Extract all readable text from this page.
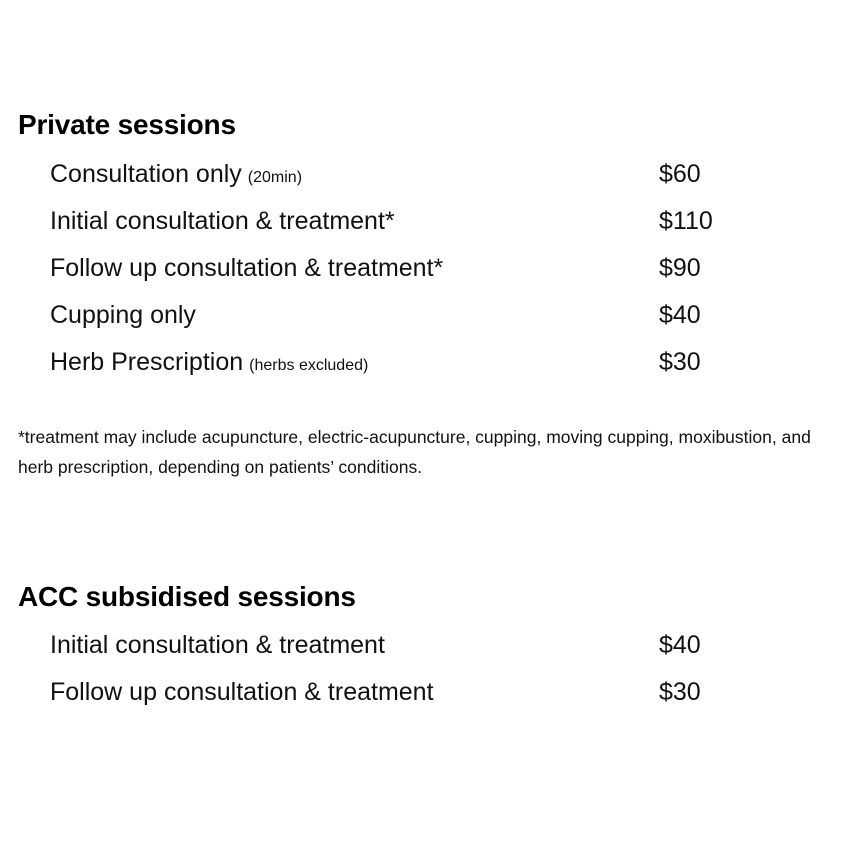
Private sessions
Consultation only (20min)	$60
Initial consultation & treatment*	$110
Follow up consultation & treatment*	$90
Cupping only	$40
Herb Prescription (herbs excluded)	$30

*treatment may include acupuncture, electric-acupuncture, cupping, moving cupping, moxibustion, and herb prescription, depending on patients’ conditions.

ACC subsidised sessions
Initial consultation & treatment	$40
Follow up consultation & treatment	$30
